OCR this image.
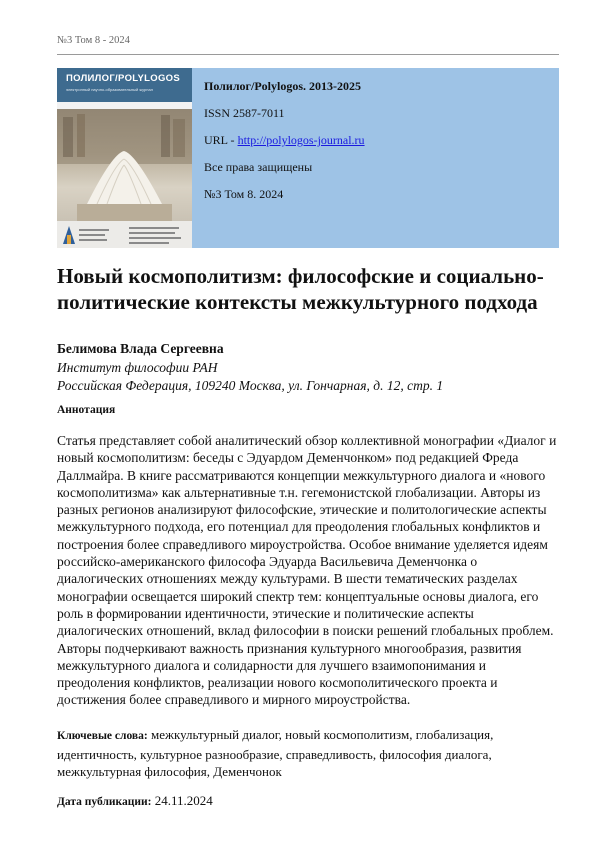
№3 Том 8 - 2024
ПОЛИЛОГ/POLYLOGOS
электронный научно-образовательный журнал	Полилог/Polylogos. 2013-2025
ISSN 2587-7011
URL - http://polylogos-journal.ru
Все права защищены
№3 Том 8. 2024
Новый космополитизм: философские и социально-политические контексты межкультурного подхода
Белимова Влада Сергеевна
Институт философии РАН
Российская Федерация, 109240 Москва, ул. Гончарная, д. 12, стр. 1
Аннотация

Статья представляет собой аналитический обзор коллективной монографии «Диалог и новый космополитизм: беседы с Эдуардом Деменчонком» под редакцией Фреда Даллмайра. В книге рассматриваются концепции межкультурного диалога и «нового космополитизма» как альтернативные т.н. гегемонистской глобализации. Авторы из разных регионов анализируют философские, этические и политологические аспекты межкультурного подхода, его потенциал для преодоления глобальных конфликтов и построения более справедливого мироустройства. Особое внимание уделяется идеям российско-американского философа Эдуарда Васильевича Деменчонка о диалогических отношениях между культурами. В шести тематических разделах монографии освещается широкий спектр тем: концептуальные основы диалога, его роль в формировании идентичности, этические и политические аспекты диалогических отношений, вклад философии в поиски решений глобальных проблем. Авторы подчеркивают важность признания культурного многообразия, развития межкультурного диалога и солидарности для лучшего взаимопонимания и преодоления конфликтов, реализации нового космополитического проекта и достижения более справедливого и мирного мироустройства.

Ключевые слова: межкультурный диалог, новый космополитизм, глобализация, идентичность, культурное разнообразие, справедливость, философия диалога, межкультурная философия, Деменчонок

Дата публикации: 24.11.2024
